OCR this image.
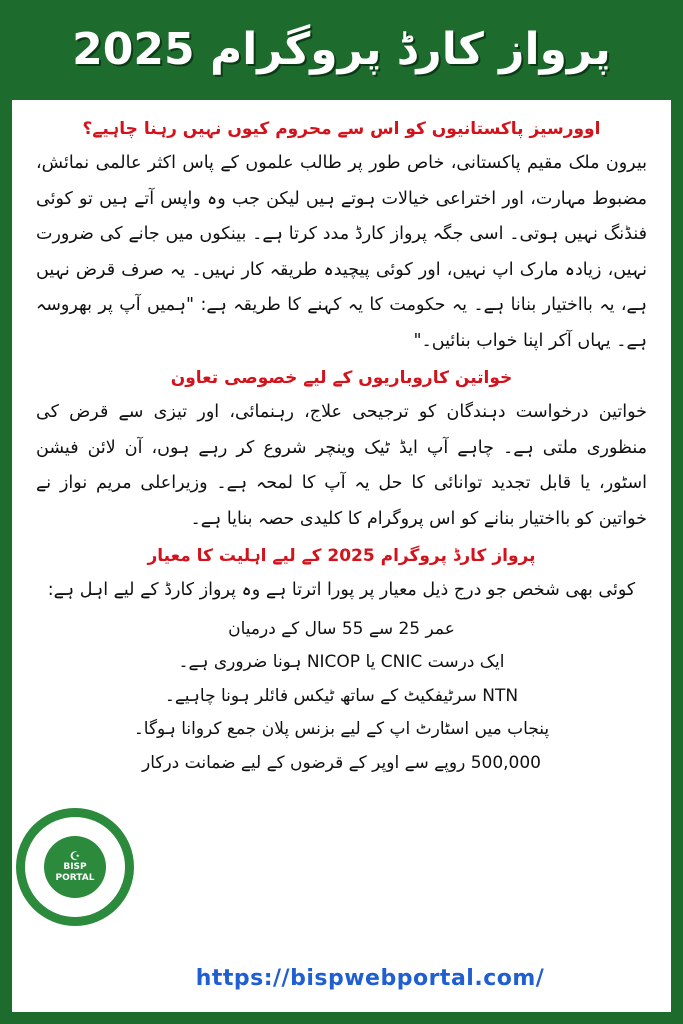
پرواز کارڈ پروگرام 2025
اوورسیز پاکستانیوں کو اس سے محروم کیوں نہیں رہنا چاہیے؟

بیرون ملک مقیم پاکستانی، خاص طور پر طالب علموں کے پاس اکثر عالمی نمائش، مضبوط مہارت، اور اختراعی خیالات ہوتے ہیں لیکن جب وہ واپس آتے ہیں تو کوئی فنڈنگ نہیں ہوتی۔ اسی جگہ پرواز کارڈ مدد کرتا ہے۔ بینکوں میں جانے کی ضرورت نہیں، زیادہ مارک اپ نہیں، اور کوئی پیچیدہ طریقہ کار نہیں۔ یہ صرف قرض نہیں ہے، یہ بااختیار بنانا ہے۔ یہ حکومت کا یہ کہنے کا طریقہ ہے: "ہمیں آپ پر بھروسہ ہے۔ یہاں آکر اپنا خواب بنائیں۔"

خواتین کاروباریوں کے لیے خصوصی تعاون

خواتین درخواست دہندگان کو ترجیحی علاج، رہنمائی، اور تیزی سے قرض کی منظوری ملتی ہے۔ چاہے آپ ایڈ ٹیک وینچر شروع کر رہے ہوں، آن لائن فیشن اسٹور، یا قابل تجدید توانائی کا حل یہ آپ کا لمحہ ہے۔ وزیراعلی مریم نواز نے خواتین کو بااختیار بنانے کو اس پروگرام کا کلیدی حصہ بنایا ہے۔

پرواز کارڈ پروگرام 2025 کے لیے اہلیت کا معیار

کوئی بھی شخص جو درج ذیل معیار پر پورا اترتا ہے وہ پرواز کارڈ کے لیے اہل ہے:

عمر 25 سے 55 سال کے درمیان
ایک درست CNIC یا NICOP ہونا ضروری ہے۔
NTN سرٹیفکیٹ کے ساتھ ٹیکس فائلر ہونا چاہیے۔
پنجاب میں اسٹارٹ اپ کے لیے بزنس پلان جمع کروانا ہوگا۔
500,000 روپے سے اوپر کے قرضوں کے لیے ضمانت درکار
☪
BISP
PORTAL
BISPWEBPORTAL
https://bispwebportal.com/
